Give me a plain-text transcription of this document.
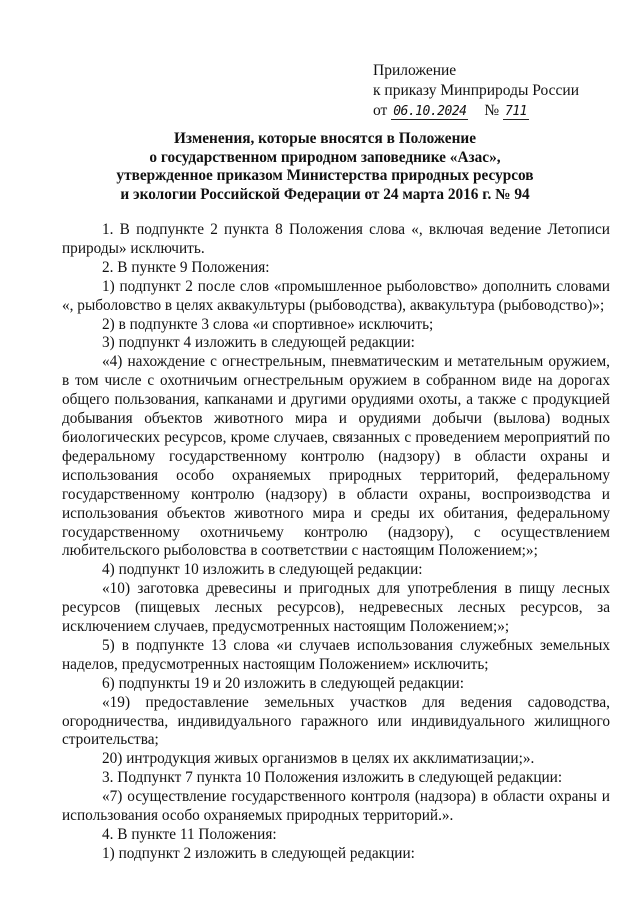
Приложение
к приказу Минприроды России
от 06.10.2024 № 711
Изменения, которые вносятся в Положение
о государственном природном заповеднике «Азас»,
утвержденное приказом Министерства природных ресурсов
и экологии Российской Федерации от 24 марта 2016 г. № 94

1. В подпункте 2 пункта 8 Положения слова «, включая ведение Летописи природы» исключить.

2. В пункте 9 Положения:

1) подпункт 2 после слов «промышленное рыболовство» дополнить словами «, рыболовство в целях аквакультуры (рыбоводства), аквакультура (рыбоводство)»;

2) в подпункте 3 слова «и спортивное» исключить;

3) подпункт 4 изложить в следующей редакции:

«4) нахождение с огнестрельным, пневматическим и метательным оружием, в том числе с охотничьим огнестрельным оружием в собранном виде на дорогах общего пользования, капканами и другими орудиями охоты, а также с продукцией добывания объектов животного мира и орудиями добычи (вылова) водных биологических ресурсов, кроме случаев, связанных с проведением мероприятий по федеральному государственному контролю (надзору) в области охраны и использования особо охраняемых природных территорий, федеральному государственному контролю (надзору) в области охраны, воспроизводства и использования объектов животного мира и среды их обитания, федеральному государственному охотничьему контролю (надзору), с осуществлением любительского рыболовства в соответствии с настоящим Положением;»;

4) подпункт 10 изложить в следующей редакции:

«10) заготовка древесины и пригодных для употребления в пищу лесных ресурсов (пищевых лесных ресурсов), недревесных лесных ресурсов, за исключением случаев, предусмотренных настоящим Положением;»;

5) в подпункте 13 слова «и случаев использования служебных земельных наделов, предусмотренных настоящим Положением» исключить;

6) подпункты 19 и 20 изложить в следующей редакции:

«19) предоставление земельных участков для ведения садоводства, огородничества, индивидуального гаражного или индивидуального жилищного строительства;

20) интродукция живых организмов в целях их акклиматизации;».

3. Подпункт 7 пункта 10 Положения изложить в следующей редакции:

«7) осуществление государственного контроля (надзора) в области охраны и использования особо охраняемых природных территорий.».

4. В пункте 11 Положения:

1) подпункт 2 изложить в следующей редакции:
